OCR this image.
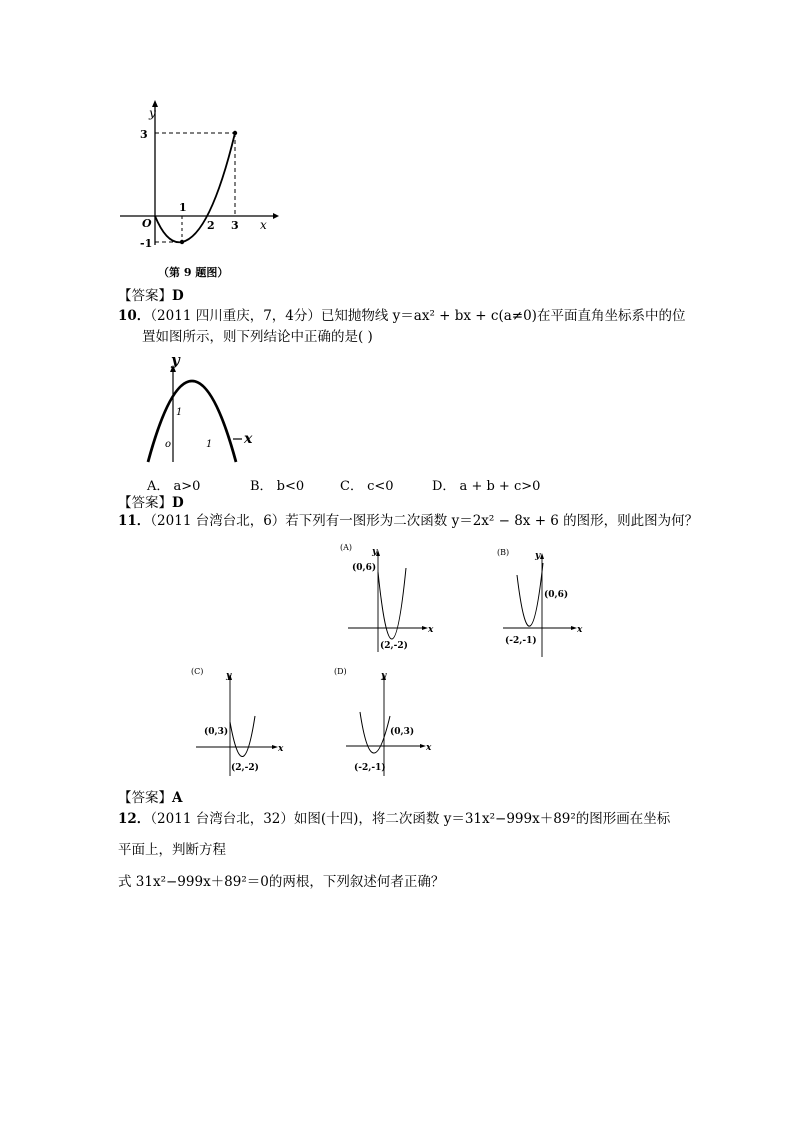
y
x
O
3
-1
1
2 3
（第 9 题图）
【答案】D
10．（2011 四川重庆，7，4分）已知抛物线 y＝ax² + bx + c(a≠0)在平面直角坐标系中的位
置如图所示，则下列结论中正确的是( )
y
x
o
1
1
A． a>0	B． b<0	C． c<0	D． a + b + c>0
【答案】D
11．（2011 台湾台北，6）若下列有一图形为二次函数 y＝2x² − 8x + 6 的图形，则此图为何？
(A) y
x
(0,6)
(2,-2)
(B)	y
x
(0,6)
(-2,-1)
(C)	y
x
(0,3)
(2,-2)
(D)	y
x
(0,3)
(-2,-1)
【答案】A
12．（2011 台湾台北，32）如图(十四)，将二次函数 y＝31x²−999x＋89²的图形画在坐标
平面上，判断方程
式 31x²−999x＋89²＝0的两根，下列叙述何者正确？
